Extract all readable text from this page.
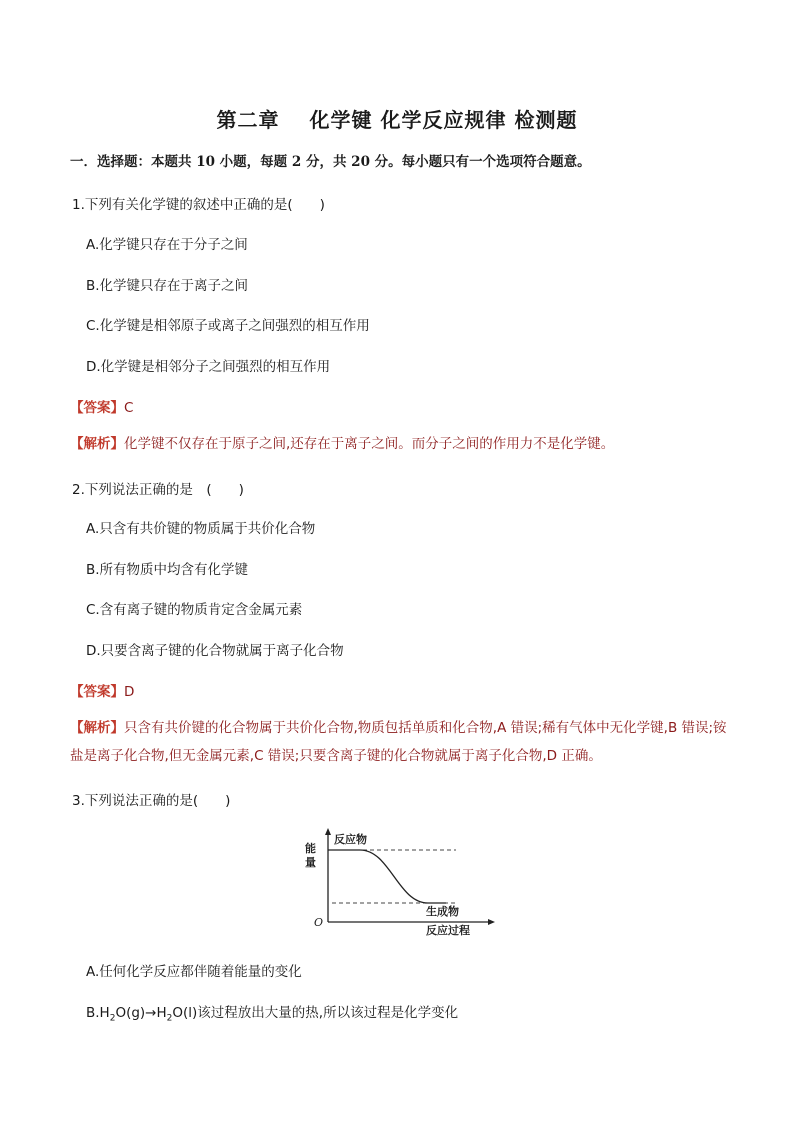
第二章 化学键 化学反应规律 检测题
一．选择题：本题共 10 小题，每题 2 分，共 20 分。每小题只有一个选项符合题意。
1.下列有关化学键的叙述中正确的是(　　)
A.化学键只存在于分子之间
B.化学键只存在于离子之间
C.化学键是相邻原子或离子之间强烈的相互作用
D.化学键是相邻分子之间强烈的相互作用
【答案】C
【解析】化学键不仅存在于原子之间,还存在于离子之间。而分子之间的作用力不是化学键。
2.下列说法正确的是　(　　)
A.只含有共价键的物质属于共价化合物
B.所有物质中均含有化学键
C.含有离子键的物质肯定含金属元素
D.只要含离子键的化合物就属于离子化合物
【答案】D
【解析】只含有共价键的化合物属于共价化合物,物质包括单质和化合物,A 错误;稀有气体中无化学键,B 错误;铵盐是离子化合物,但无金属元素,C 错误;只要含离子键的化合物就属于离子化合物,D 正确。
3.下列说法正确的是(　　)
能
量
反应物
生成物
O
反应过程
A.任何化学反应都伴随着能量的变化
$B.H_2O(g)\to H_2O(l)$该过程放出大量的热,所以该过程是化学变化
